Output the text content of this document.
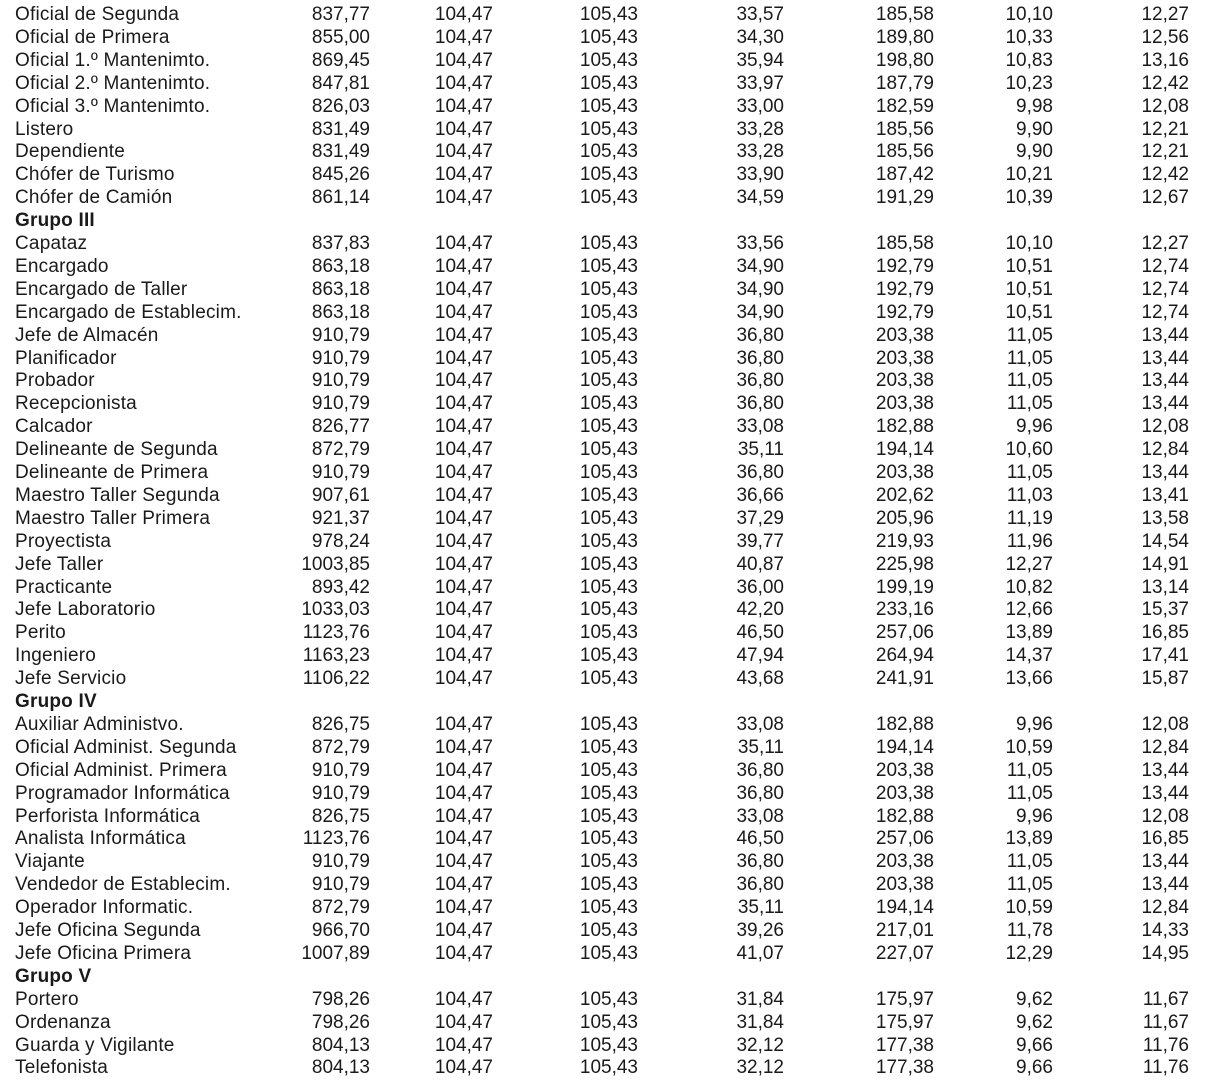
Oficial de Segunda	837,77	104,47	105,43	33,57	185,58	10,10	12,27
Oficial de Primera	855,00	104,47	105,43	34,30	189,80	10,33	12,56
Oficial 1.º Mantenimto.	869,45	104,47	105,43	35,94	198,80	10,83	13,16
Oficial 2.º Mantenimto.	847,81	104,47	105,43	33,97	187,79	10,23	12,42
Oficial 3.º Mantenimto.	826,03	104,47	105,43	33,00	182,59	9,98	12,08
Listero	831,49	104,47	105,43	33,28	185,56	9,90	12,21
Dependiente	831,49	104,47	105,43	33,28	185,56	9,90	12,21
Chófer de Turismo	845,26	104,47	105,43	33,90	187,42	10,21	12,42
Chófer de Camión	861,14	104,47	105,43	34,59	191,29	10,39	12,67
Grupo III
Capataz	837,83	104,47	105,43	33,56	185,58	10,10	12,27
Encargado	863,18	104,47	105,43	34,90	192,79	10,51	12,74
Encargado de Taller	863,18	104,47	105,43	34,90	192,79	10,51	12,74
Encargado de Establecim.	863,18	104,47	105,43	34,90	192,79	10,51	12,74
Jefe de Almacén	910,79	104,47	105,43	36,80	203,38	11,05	13,44
Planificador	910,79	104,47	105,43	36,80	203,38	11,05	13,44
Probador	910,79	104,47	105,43	36,80	203,38	11,05	13,44
Recepcionista	910,79	104,47	105,43	36,80	203,38	11,05	13,44
Calcador	826,77	104,47	105,43	33,08	182,88	9,96	12,08
Delineante de Segunda	872,79	104,47	105,43	35,11	194,14	10,60	12,84
Delineante de Primera	910,79	104,47	105,43	36,80	203,38	11,05	13,44
Maestro Taller Segunda	907,61	104,47	105,43	36,66	202,62	11,03	13,41
Maestro Taller Primera	921,37	104,47	105,43	37,29	205,96	11,19	13,58
Proyectista	978,24	104,47	105,43	39,77	219,93	11,96	14,54
Jefe Taller	1003,85	104,47	105,43	40,87	225,98	12,27	14,91
Practicante	893,42	104,47	105,43	36,00	199,19	10,82	13,14
Jefe Laboratorio	1033,03	104,47	105,43	42,20	233,16	12,66	15,37
Perito	1123,76	104,47	105,43	46,50	257,06	13,89	16,85
Ingeniero	1163,23	104,47	105,43	47,94	264,94	14,37	17,41
Jefe Servicio	1106,22	104,47	105,43	43,68	241,91	13,66	15,87
Grupo IV
Auxiliar Administvo.	826,75	104,47	105,43	33,08	182,88	9,96	12,08
Oficial Administ. Segunda	872,79	104,47	105,43	35,11	194,14	10,59	12,84
Oficial Administ. Primera	910,79	104,47	105,43	36,80	203,38	11,05	13,44
Programador Informática	910,79	104,47	105,43	36,80	203,38	11,05	13,44
Perforista Informática	826,75	104,47	105,43	33,08	182,88	9,96	12,08
Analista Informática	1123,76	104,47	105,43	46,50	257,06	13,89	16,85
Viajante	910,79	104,47	105,43	36,80	203,38	11,05	13,44
Vendedor de Establecim.	910,79	104,47	105,43	36,80	203,38	11,05	13,44
Operador Informatic.	872,79	104,47	105,43	35,11	194,14	10,59	12,84
Jefe Oficina Segunda	966,70	104,47	105,43	39,26	217,01	11,78	14,33
Jefe Oficina Primera	1007,89	104,47	105,43	41,07	227,07	12,29	14,95
Grupo V
Portero	798,26	104,47	105,43	31,84	175,97	9,62	11,67
Ordenanza	798,26	104,47	105,43	31,84	175,97	9,62	11,67
Guarda y Vigilante	804,13	104,47	105,43	32,12	177,38	9,66	11,76
Telefonista	804,13	104,47	105,43	32,12	177,38	9,66	11,76
